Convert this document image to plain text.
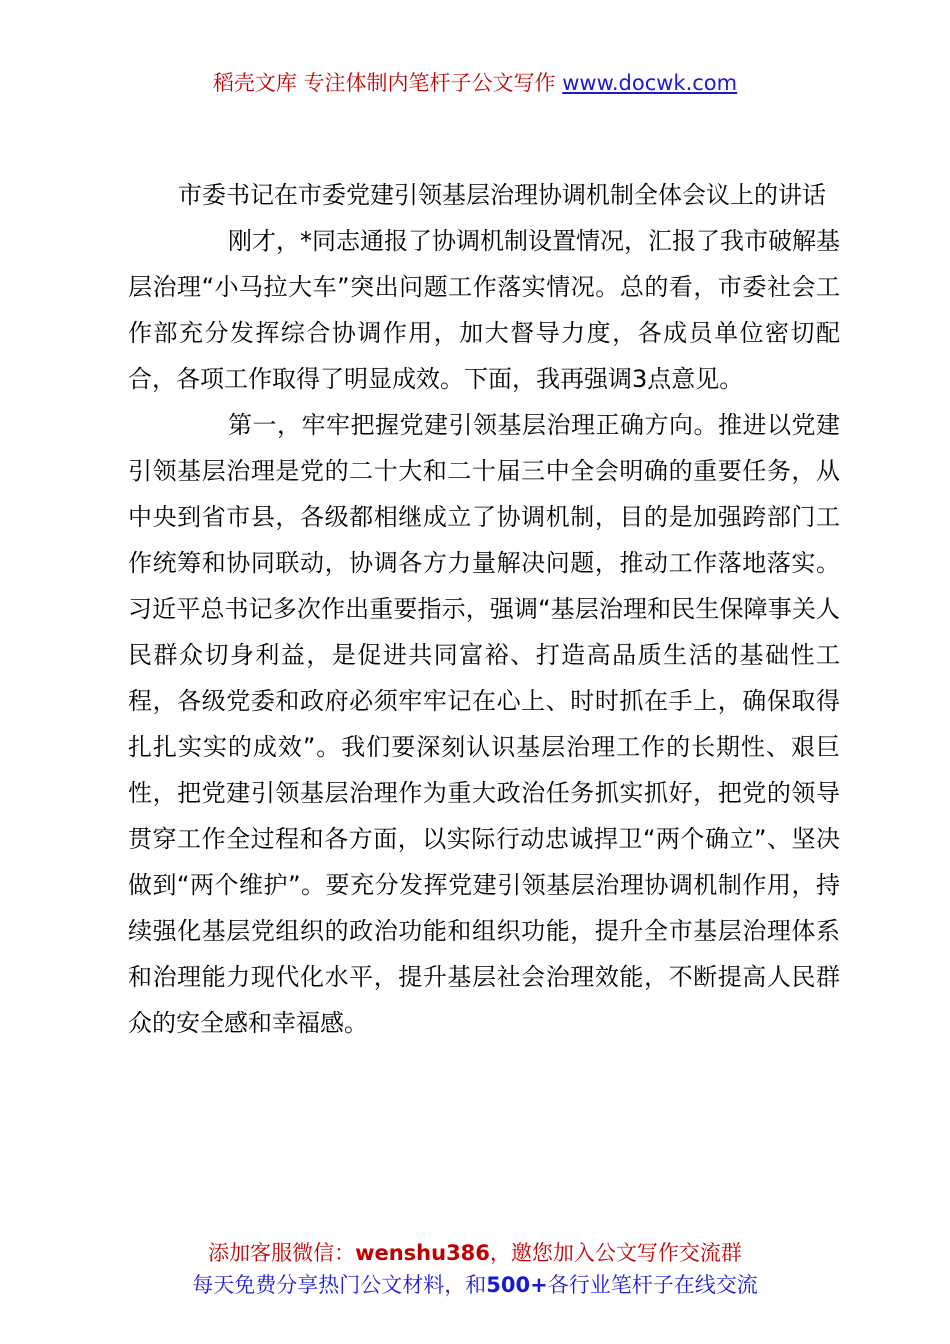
稻壳文库 专注体制内笔杆子公文写作 www.docwk.com

市委书记在市委党建引领基层治理协调机制全体会议上的讲话

刚才，*同志通报了协调机制设置情况，汇报了我市破解基层治理“小马拉大车”突出问题工作落实情况。总的看，市委社会工作部充分发挥综合协调作用，加大督导力度，各成员单位密切配合，各项工作取得了明显成效。下面，我再强调3点意见。

第一，牢牢把握党建引领基层治理正确方向。推进以党建引领基层治理是党的二十大和二十届三中全会明确的重要任务，从中央到省市县，各级都相继成立了协调机制，目的是加强跨部门工作统筹和协同联动，协调各方力量解决问题，推动工作落地落实。习近平总书记多次作出重要指示，强调“基层治理和民生保障事关人民群众切身利益，是促进共同富裕、打造高品质生活的基础性工程，各级党委和政府必须牢牢记在心上、时时抓在手上，确保取得扎扎实实的成效”。我们要深刻认识基层治理工作的长期性、艰巨性，把党建引领基层治理作为重大政治任务抓实抓好，把党的领导贯穿工作全过程和各方面，以实际行动忠诚捍卫“两个确立”、坚决做到“两个维护”。要充分发挥党建引领基层治理协调机制作用，持续强化基层党组织的政治功能和组织功能，提升全市基层治理体系和治理能力现代化水平，提升基层社会治理效能，不断提高人民群众的安全感和幸福感。

添加客服微信：wenshu386，邀您加入公文写作交流群
每天免费分享热门公文材料，和500+各行业笔杆子在线交流
